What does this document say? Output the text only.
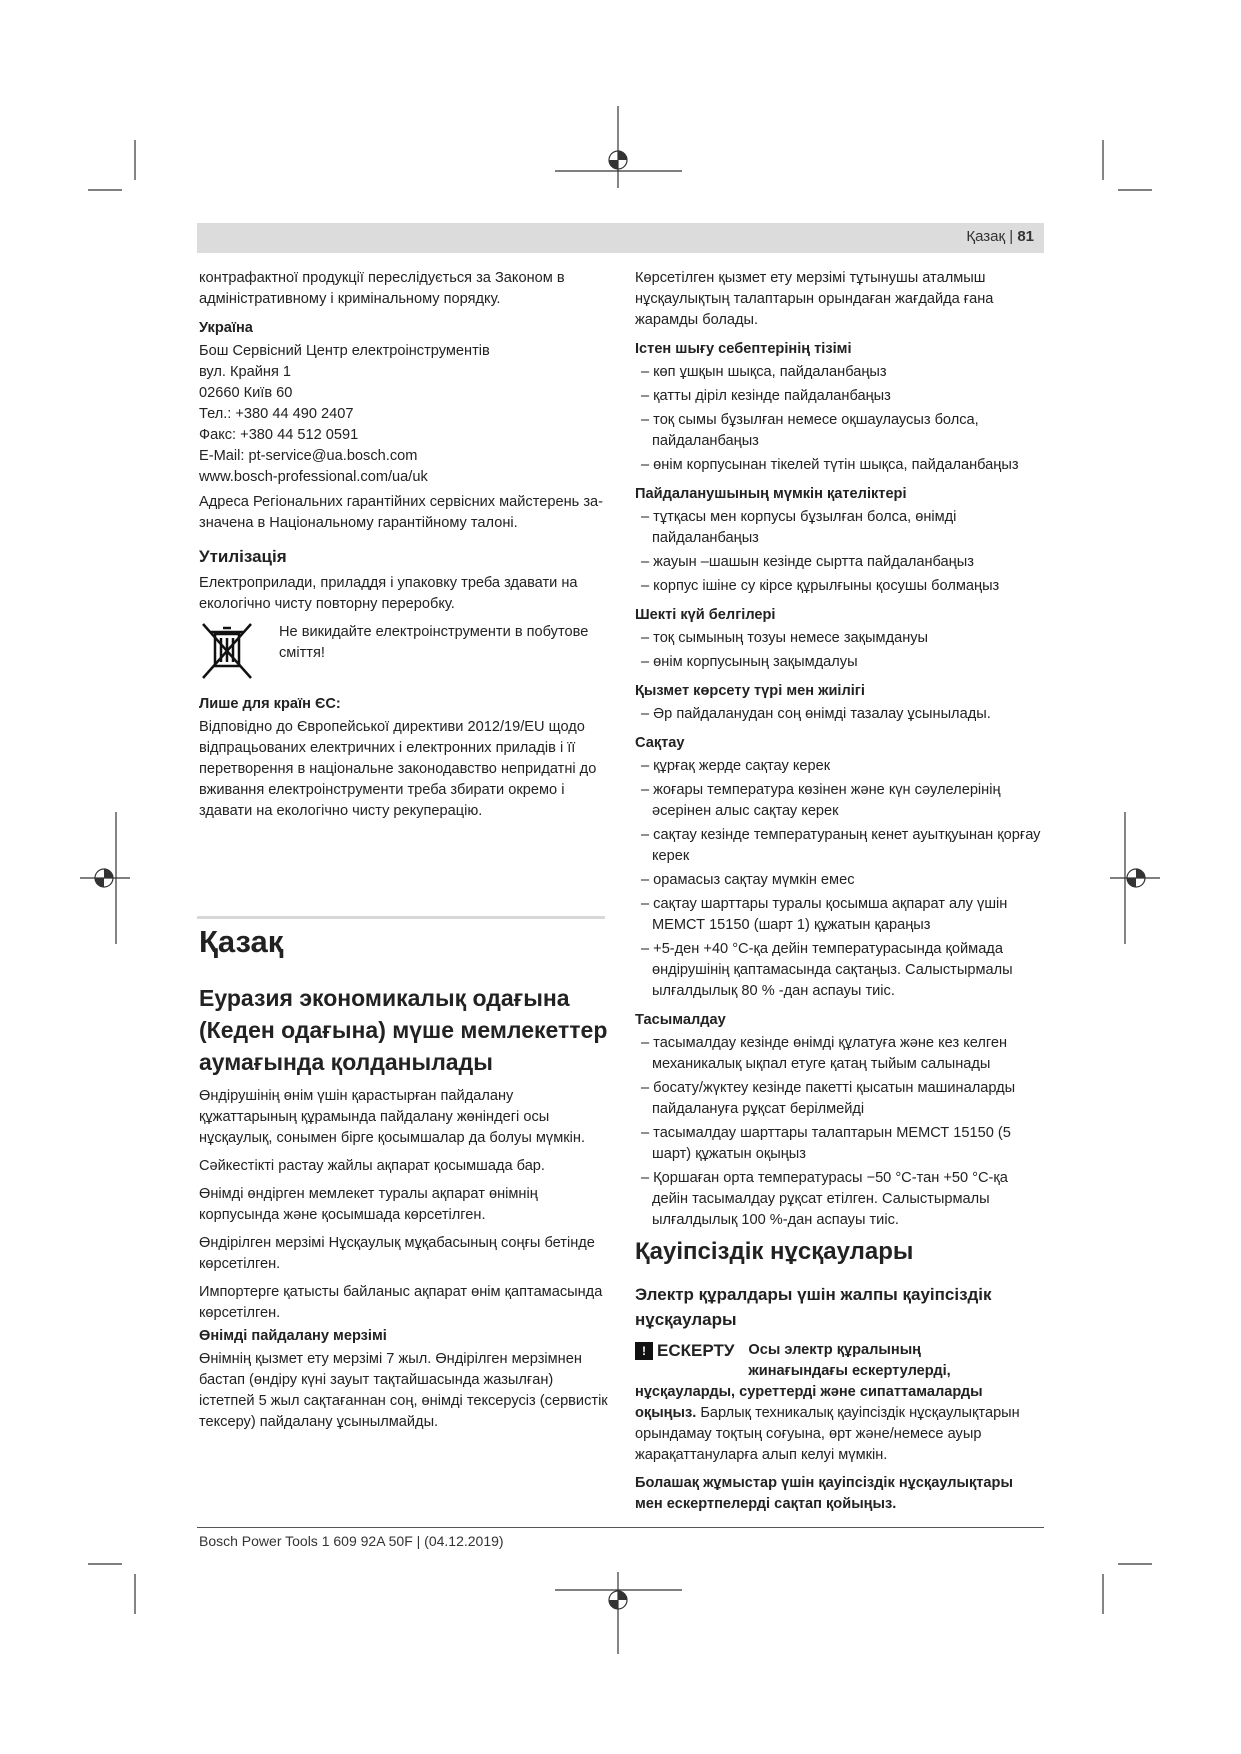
Қазақ | 81

контрафактної продукції переслідується за Законом в адміністративному і кримінальному порядку.

Україна
Бош Сервісний Центр електроінструментів
вул. Крайня 1
02660 Київ 60
Тел.: +380 44 490 2407
Факс: +380 44 512 0591
E-Mail: pt-service@ua.bosch.com
www.bosch-professional.com/ua/uk

Адреса Регіональних гарантійних сервісних майстерень за- значена в Національному гарантійному талоні.

Утилізація

Електроприлади, приладдя і упаковку треба здавати на екологічно чисту повторну переробку.

Не викидайте електроінструменти в побутове сміття!
Лише для країн ЄС:

Відповідно до Європейської директиви 2012/19/EU щодо відпрацьованих електричних і електронних приладів і її перетворення в національне законодавство непридатні до вживання електроінструменти треба збирати окремо і здавати на екологічно чисту рекуперацію.

Қазақ
Еуразия экономикалық одағына (Кеден одағына) мүше мемлекеттер аумағында қолданылады

Өндірушінің өнім үшін қарастырған пайдалану құжаттарының құрамында пайдалану жөніндегі осы нұсқаулық, сонымен бірге қосымшалар да болуы мүмкін.

Сәйкестікті растау жайлы ақпарат қосымшада бар.

Өнімді өндірген мемлекет туралы ақпарат өнімнің корпусында және қосымшада көрсетілген.

Өндірілген мерзімі Нұсқаулық мұқабасының соңғы бетінде көрсетілген.

Импортерге қатысты байланыс ақпарат өнім қаптамасында көрсетілген.

Өнімді пайдалану мерзімі

Өнімнің қызмет ету мерзімі 7 жыл. Өндірілген мерзімнен бастап (өндіру күні зауыт тақтайшасында жазылған) істетпей 5 жыл сақтағаннан соң, өнімді тексерусіз (сервистік тексеру) пайдалану ұсынылмайды.

Көрсетілген қызмет ету мерзімі тұтынушы аталмыш нұсқаулықтың талаптарын орындаған жағдайда ғана жарамды болады.

Істен шығу себептерінің тізімі
– көп ұшқын шықса, пайдаланбаңыз
– қатты діріл кезінде пайдаланбаңыз
– тоқ сымы бұзылған немесе оқшаулаусыз болса, пайдаланбаңыз
– өнім корпусынан тікелей түтін шықса, пайдаланбаңыз
Пайдаланушының мүмкін қателіктері
– тұтқасы мен корпусы бұзылған болса, өнімді пайдаланбаңыз
– жауын –шашын кезінде сыртта пайдаланбаңыз
– корпус ішіне су кірсе құрылғыны қосушы болмаңыз
Шекті күй белгілері
– тоқ сымының тозуы немесе зақымдануы
– өнім корпусының зақымдалуы
Қызмет көрсету түрі мен жиілігі
– Әр пайдаланудан соң өнімді тазалау ұсынылады.
Сақтау
– құрғақ жерде сақтау керек
– жоғары температура көзінен және күн сәулелерінің әсерінен алыс сақтау керек
– сақтау кезінде температураның кенет ауытқуынан қорғау керек
– орамасыз сақтау мүмкін емес
– сақтау шарттары туралы қосымша ақпарат алу үшін МЕМСТ 15150 (шарт 1) құжатын қараңыз
– +5-ден +40 °C-қа дейін температурасында қоймада өндірушінің қаптамасында сақтаңыз. Салыстырмалы ылғалдылық 80 % -дан аспауы тиіс.
Тасымалдау
– тасымалдау кезінде өнімді құлатуға және кез келген механикалық ықпал етуге қатаң тыйым салынады
– босату/жүктеу кезінде пакетті қысатын машиналарды пайдалануға рұқсат берілмейді
– тасымалдау шарттары талаптарын МЕМСТ 15150 (5 шарт) құжатын оқыңыз
– Қоршаған орта температурасы −50 °C-тан +50 °C-қа дейін тасымалдау рұқсат етілген. Салыстырмалы ылғалдылық 100 %-дан аспауы тиіс.
Қауіпсіздік нұсқаулары
Электр құралдары үшін жалпы қауіпсіздік нұсқаулары
! ЕСКЕРТУ Осы электр құралының жинағындағы ескертулерді,

нұсқауларды, суреттерді және сипаттамаларды оқыңыз. Барлық техникалық қауіпсіздік нұсқаулықтарын орындамау тоқтың соғуына, өрт және/немесе ауыр жарақаттануларға алып келуі мүмкін.

Болашақ жұмыстар үшін қауіпсіздік нұсқаулықтары мен ескертпелерді сақтап қойыңыз.

Bosch Power Tools 1 609 92A 50F | (04.12.2019)
